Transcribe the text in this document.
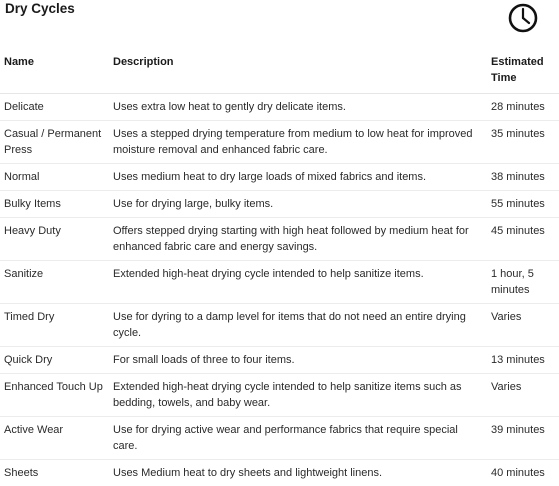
Dry Cycles
Name	Description	Estimated Time
Delicate	Uses extra low heat to gently dry delicate items.	28 minutes
Casual / Permanent Press	Uses a stepped drying temperature from medium to low heat for improved moisture removal and enhanced fabric care.	35 minutes
Normal	Uses medium heat to dry large loads of mixed fabrics and items.	38 minutes
Bulky Items	Use for drying large, bulky items.	55 minutes
Heavy Duty	Offers stepped drying starting with high heat followed by medium heat for enhanced fabric care and energy savings.	45 minutes
Sanitize	Extended high-heat drying cycle intended to help sanitize items.	1 hour, 5 minutes
Timed Dry	Use for dyring to a damp level for items that do not need an entire drying cycle.	Varies
Quick Dry	For small loads of three to four items.	13 minutes
Enhanced Touch Up	Extended high-heat drying cycle intended to help sanitize items such as bedding, towels, and baby wear.	Varies
Active Wear	Use for drying active wear and performance fabrics that require special care.	39 minutes
Sheets	Uses Medium heat to dry sheets and lightweight linens.	40 minutes
